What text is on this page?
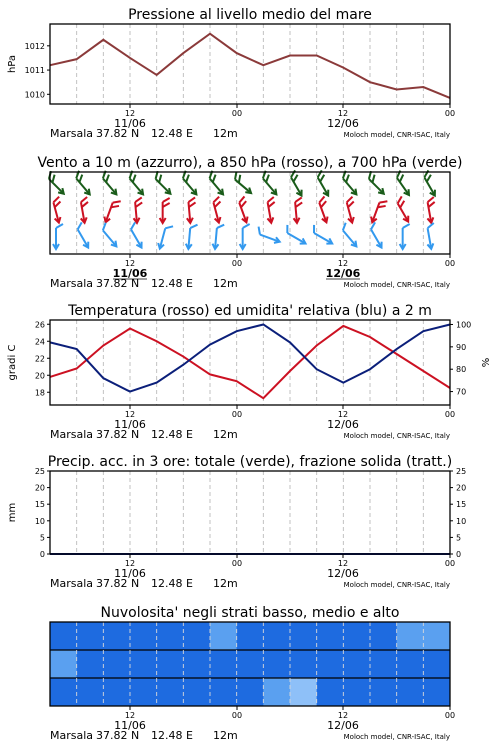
Pressione al livello medio del mare
1010
1011
1012
hPa
12	00	12	00
11/06	12/06
Marsala 37.82 N 12.48 E 12m	Moloch model, CNR-ISAC, Italy
Vento a 10 m (azzurro), a 850 hPa (rosso), a 700 hPa (verde)
12	00	12	00
11/06	12/06
Marsala 37.82 N 12.48 E 12m	Moloch model, CNR-ISAC, Italy
Temperatura (rosso) ed umidita' relativa (blu) a 2 m
18
20
22
24
26
70
80
90
100
gradi C	%
12	00	12	00
11/06	12/06
Marsala 37.82 N 12.48 E 12m	Moloch model, CNR-ISAC, Italy
Precip. acc. in 3 ore: totale (verde), frazione solida (tratt.)
0	0
5	5
10	10
15	15
20	20
25	25
mm
12	00	12	00
11/06	12/06
Marsala 37.82 N 12.48 E 12m	Moloch model, CNR-ISAC, Italy
Nuvolosita' negli strati basso, medio e alto
12	00	12	00
11/06	12/06
Marsala 37.82 N 12.48 E 12m	Moloch model, CNR-ISAC, Italy
